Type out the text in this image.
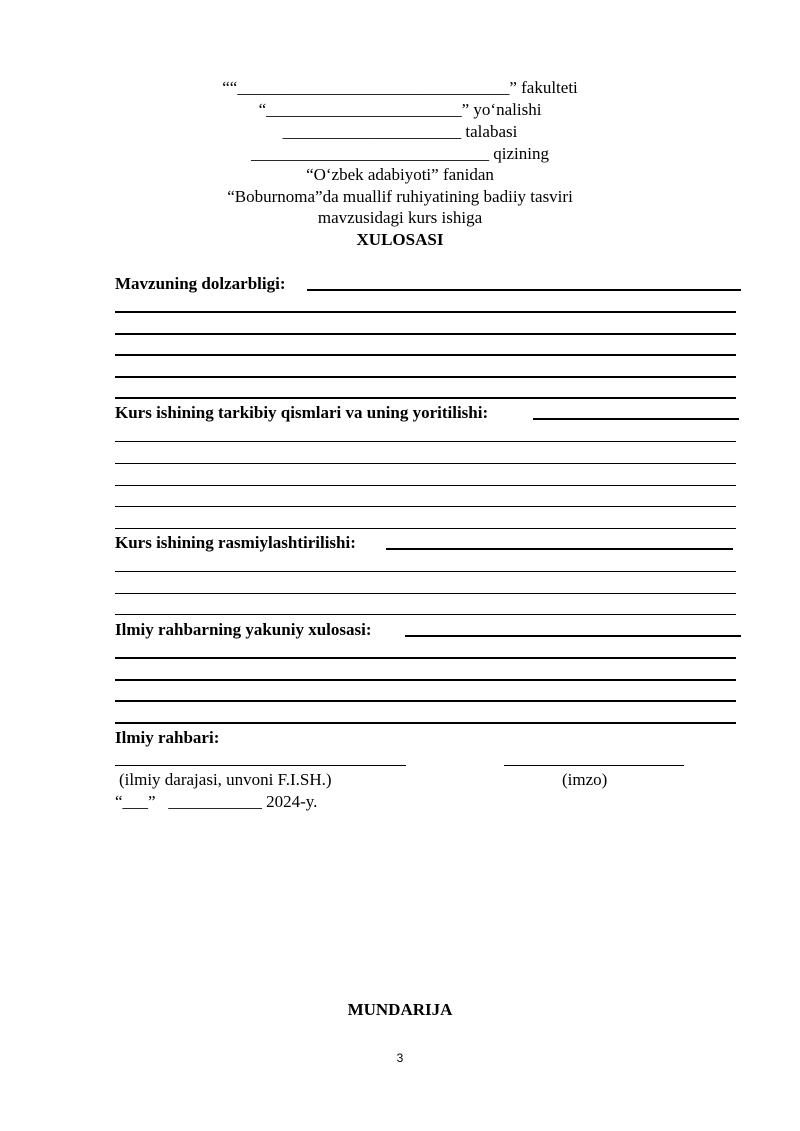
““________________________________” fakulteti
“_______________________” yo‘nalishi
_____________________ talabasi
____________________________ qizining
“O‘zbek adabiyoti” fanidan
“Boburnoma”da muallif ruhiyatining badiiy tasviri
mavzusidagi kurs ishiga
XULOSASI
Mavzuning dolzarbligi:
Kurs ishining tarkibiy qismlari va uning yoritilishi:
Kurs ishining rasmiylashtirilishi:
Ilmiy rahbarning yakuniy xulosasi:
Ilmiy rahbari:
(ilmiy darajasi, unvoni F.I.SH.)	(imzo)
“___”   ___________ 2024-y.
MUNDARIJA
3
